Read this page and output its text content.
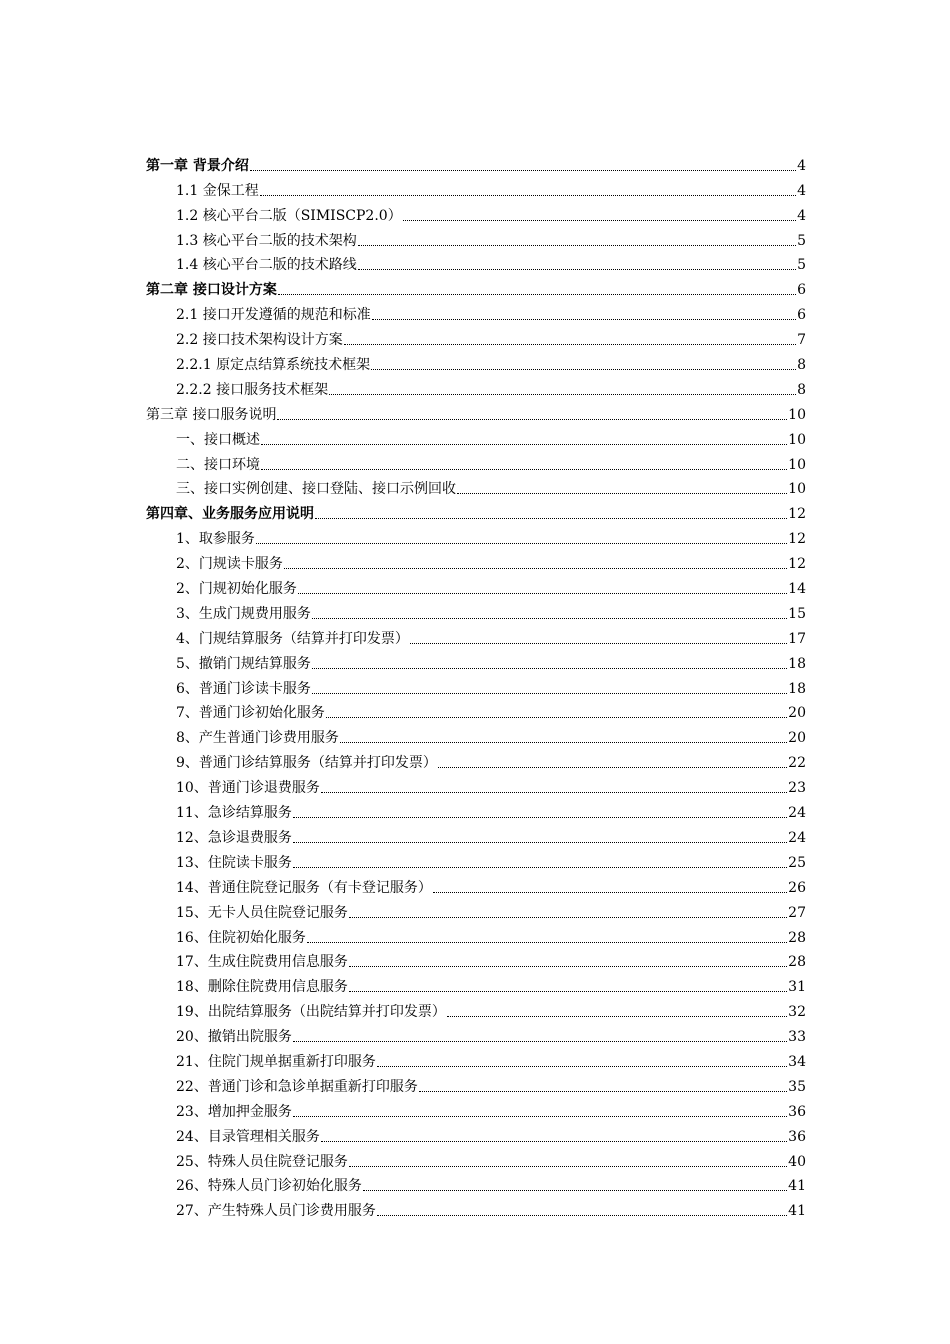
第一章 背景介绍	4
1.1 金保工程	4
1.2 核心平台二版（SIMISCP2.0）	4
1.3 核心平台二版的技术架构	5
1.4 核心平台二版的技术路线	5
第二章 接口设计方案	6
2.1 接口开发遵循的规范和标准	6
2.2 接口技术架构设计方案	7
2.2.1 原定点结算系统技术框架	8
2.2.2 接口服务技术框架	8
第三章 接口服务说明	10
一、接口概述	10
二、接口环境	10
三、接口实例创建、接口登陆、接口示例回收	10
第四章、业务服务应用说明	12
1、取参服务	12
2、门规读卡服务	12
2、门规初始化服务	14
3、生成门规费用服务	15
4、门规结算服务（结算并打印发票）	17
5、撤销门规结算服务	18
6、普通门诊读卡服务	18
7、普通门诊初始化服务	20
8、产生普通门诊费用服务	20
9、普通门诊结算服务（结算并打印发票）	22
10、普通门诊退费服务	23
11、急诊结算服务	24
12、急诊退费服务	24
13、住院读卡服务	25
14、普通住院登记服务（有卡登记服务）	26
15、无卡人员住院登记服务	27
16、住院初始化服务	28
17、生成住院费用信息服务	28
18、删除住院费用信息服务	31
19、出院结算服务（出院结算并打印发票）	32
20、撤销出院服务	33
21、住院门规单据重新打印服务	34
22、普通门诊和急诊单据重新打印服务	35
23、增加押金服务	36
24、目录管理相关服务	36
25、特殊人员住院登记服务	40
26、特殊人员门诊初始化服务	41
27、产生特殊人员门诊费用服务	41
